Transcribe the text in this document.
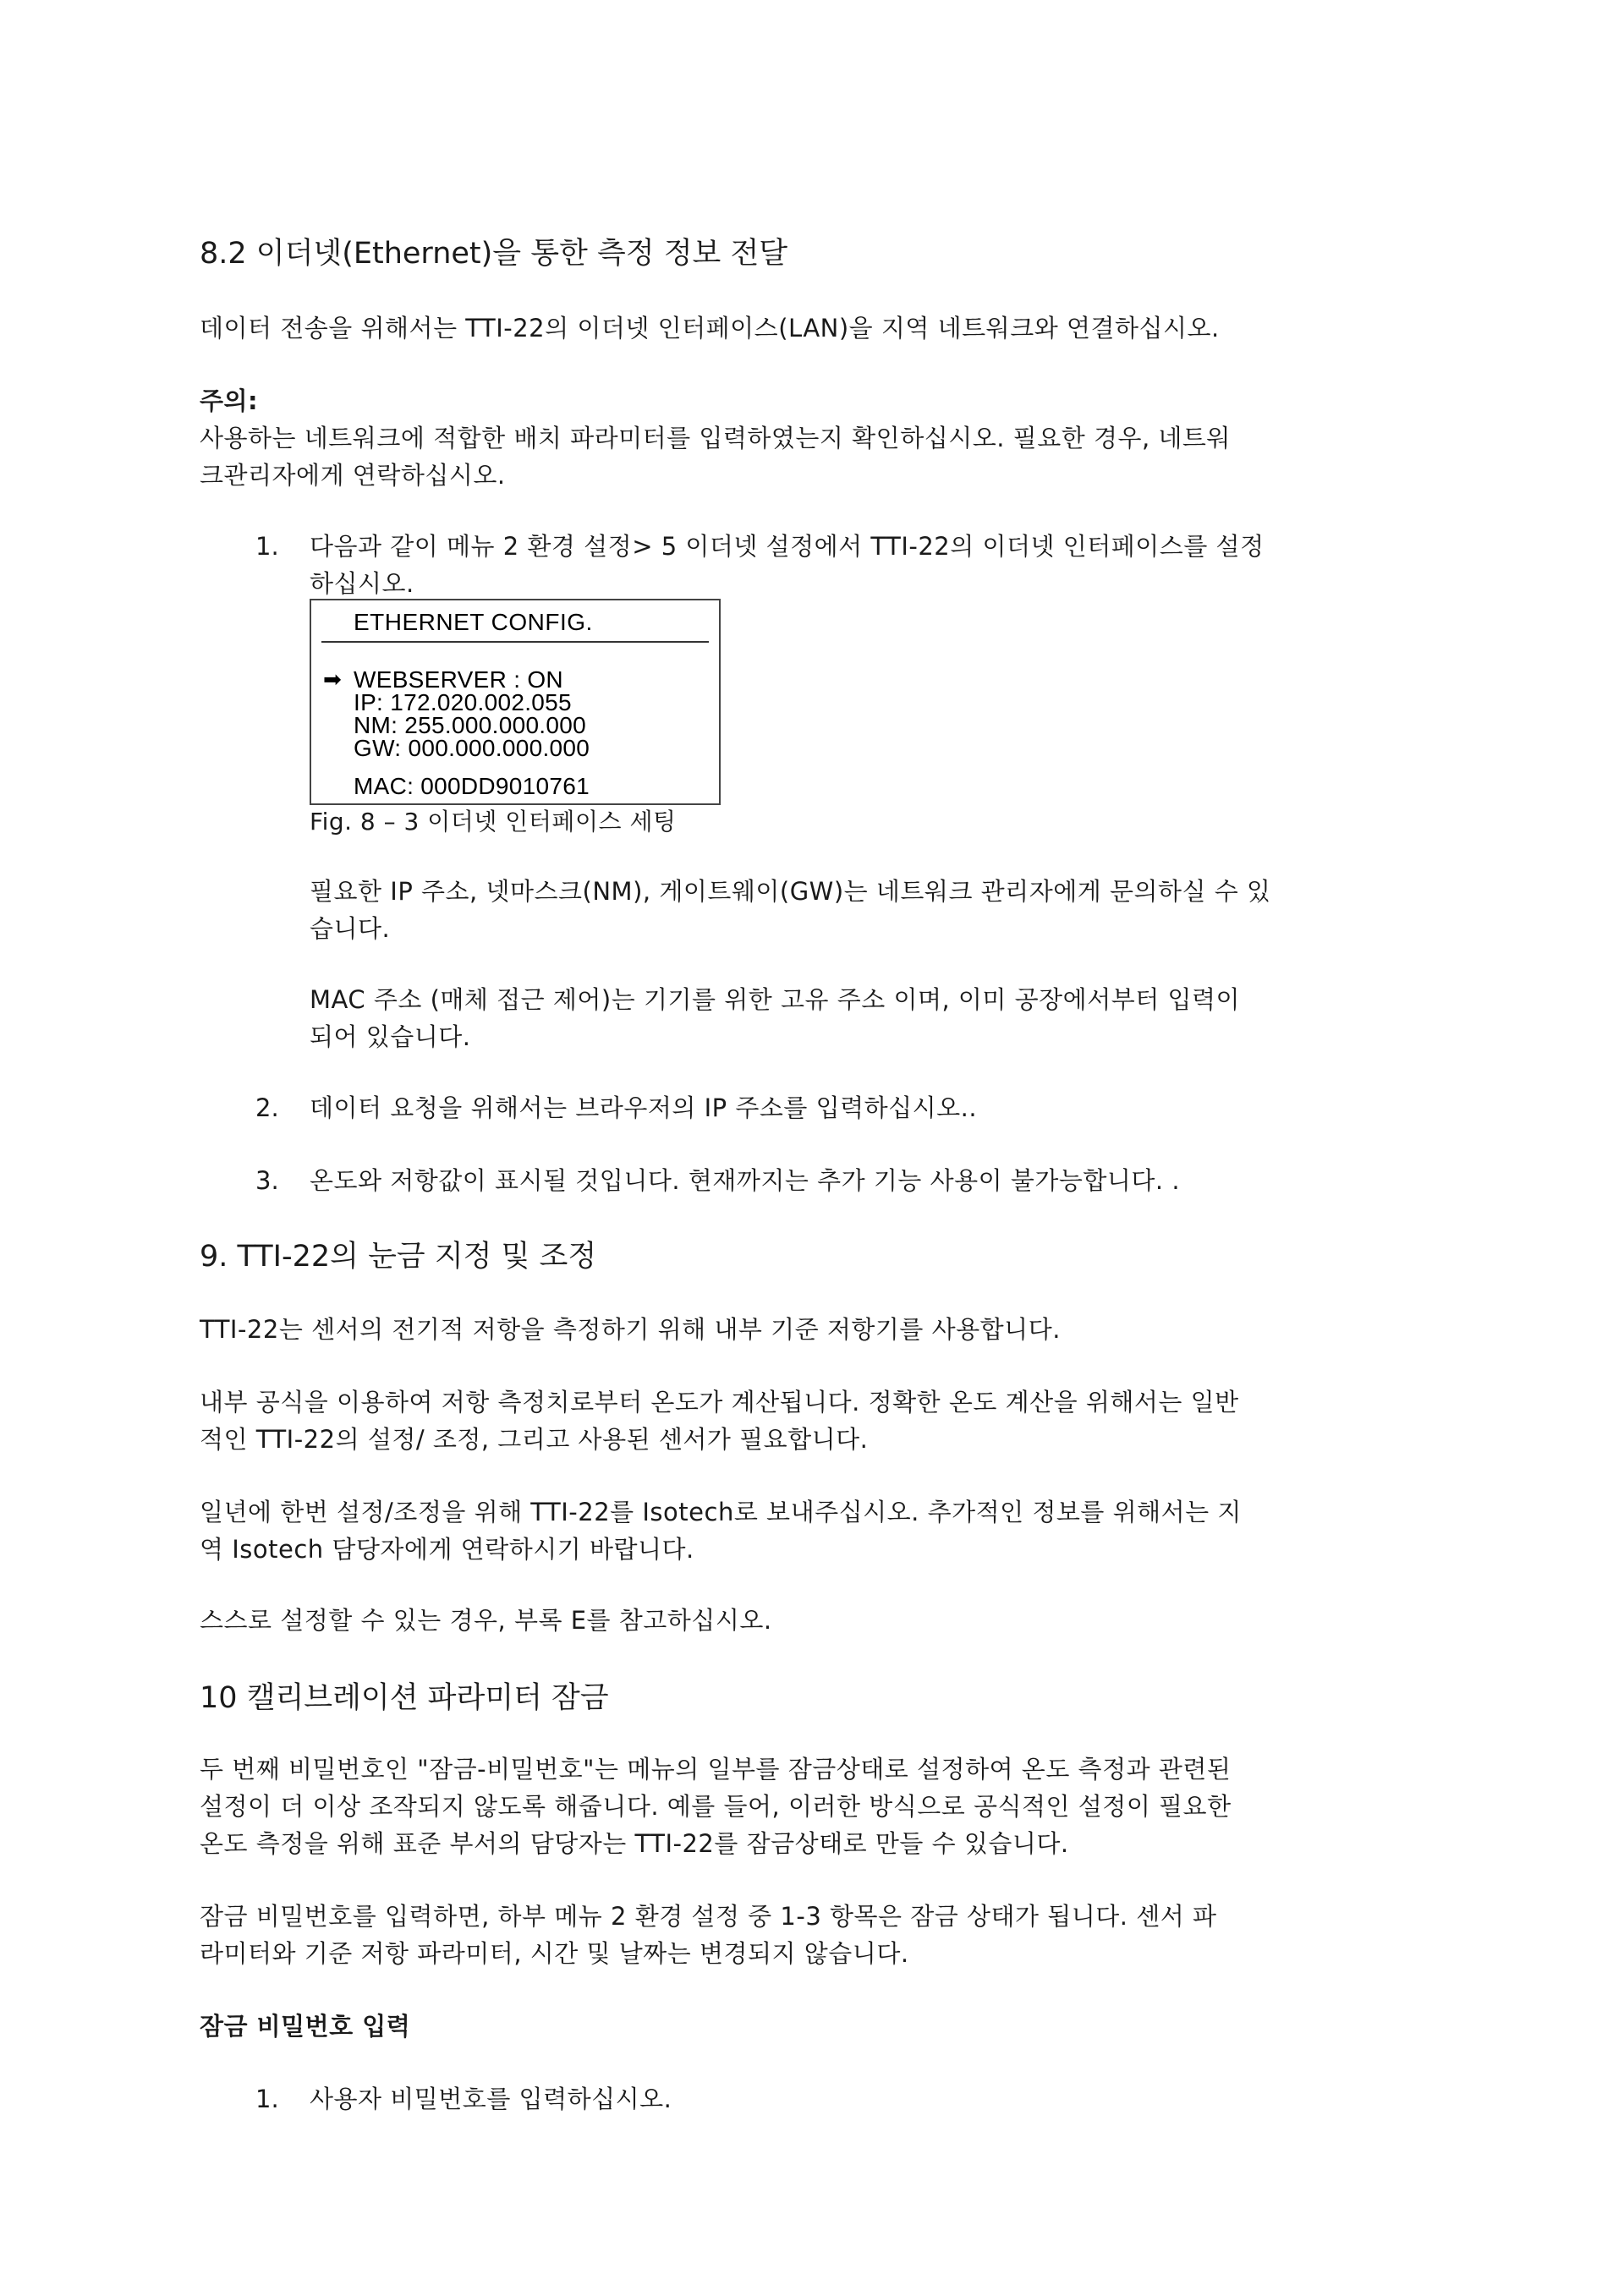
8.2 이더넷(Ethernet)을 통한 측정 정보 전달

데이터 전송을 위해서는 TTI-22의 이더넷 인터페이스(LAN)을 지역 네트워크와 연결하십시오.

주의:

사용하는 네트워크에 적합한 배치 파라미터를 입력하였는지 확인하십시오. 필요한 경우, 네트워

크관리자에게 연락하십시오.

1. 다음과 같이 메뉴 2 환경 설정> 5 이더넷 설정에서 TTI-22의 이더넷 인터페이스를 설정
하십시오.
ETHERNET CONFIG.
➡ WEBSERVER : ON
IP: 172.020.002.055
NM: 255.000.000.000
GW: 000.000.000.000
MAC: 000DD9010761
Fig. 8 – 3 이더넷 인터페이스 세팅

필요한 IP 주소, 넷마스크(NM), 게이트웨이(GW)는 네트워크 관리자에게 문의하실 수 있

습니다.

MAC 주소 (매체 접근 제어)는 기기를 위한 고유 주소 이며, 이미 공장에서부터 입력이

되어 있습니다.

2. 데이터 요청을 위해서는 브라우저의 IP 주소를 입력하십시오..
3. 온도와 저항값이 표시될 것입니다. 현재까지는 추가 기능 사용이 불가능합니다. .
9. TTI-22의 눈금 지정 및 조정

TTI-22는 센서의 전기적 저항을 측정하기 위해 내부 기준 저항기를 사용합니다.

내부 공식을 이용하여 저항 측정치로부터 온도가 계산됩니다. 정확한 온도 계산을 위해서는 일반

적인 TTI-22의 설정/ 조정, 그리고 사용된 센서가 필요합니다.

일년에 한번 설정/조정을 위해 TTI-22를 Isotech로 보내주십시오. 추가적인 정보를 위해서는 지

역 Isotech 담당자에게 연락하시기 바랍니다.

스스로 설정할 수 있는 경우, 부록 E를 참고하십시오.

10 캘리브레이션 파라미터 잠금

두 번째 비밀번호인 "잠금-비밀번호"는 메뉴의 일부를 잠금상태로 설정하여 온도 측정과 관련된

설정이 더 이상 조작되지 않도록 해줍니다. 예를 들어, 이러한 방식으로 공식적인 설정이 필요한

온도 측정을 위해 표준 부서의 담당자는 TTI-22를 잠금상태로 만들 수 있습니다.

잠금 비밀번호를 입력하면, 하부 메뉴 2 환경 설정 중 1-3 항목은 잠금 상태가 됩니다. 센서 파

라미터와 기준 저항 파라미터, 시간 및 날짜는 변경되지 않습니다.

잠금 비밀번호 입력

1. 사용자 비밀번호를 입력하십시오.
